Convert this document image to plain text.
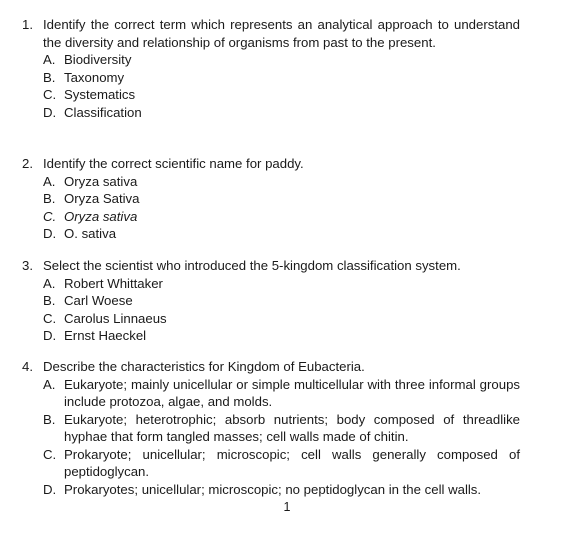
1. Identify the correct term which represents an analytical approach to understand the diversity and relationship of organisms from past to the present.
A. Biodiversity
B. Taxonomy
C. Systematics
D. Classification
2. Identify the correct scientific name for paddy.
A. Oryza sativa
B. Oryza Sativa
C. Oryza sativa
D. O. sativa
3. Select the scientist who introduced the 5-kingdom classification system.
A. Robert Whittaker
B. Carl Woese
C. Carolus Linnaeus
D. Ernst Haeckel
4. Describe the characteristics for Kingdom of Eubacteria.
A. Eukaryote; mainly unicellular or simple multicellular with three informal groups include protozoa, algae, and molds.
B. Eukaryote; heterotrophic; absorb nutrients; body composed of threadlike hyphae that form tangled masses; cell walls made of chitin.
C. Prokaryote; unicellular; microscopic; cell walls generally composed of peptidoglycan.
D. Prokaryotes; unicellular; microscopic; no peptidoglycan in the cell walls.
1
